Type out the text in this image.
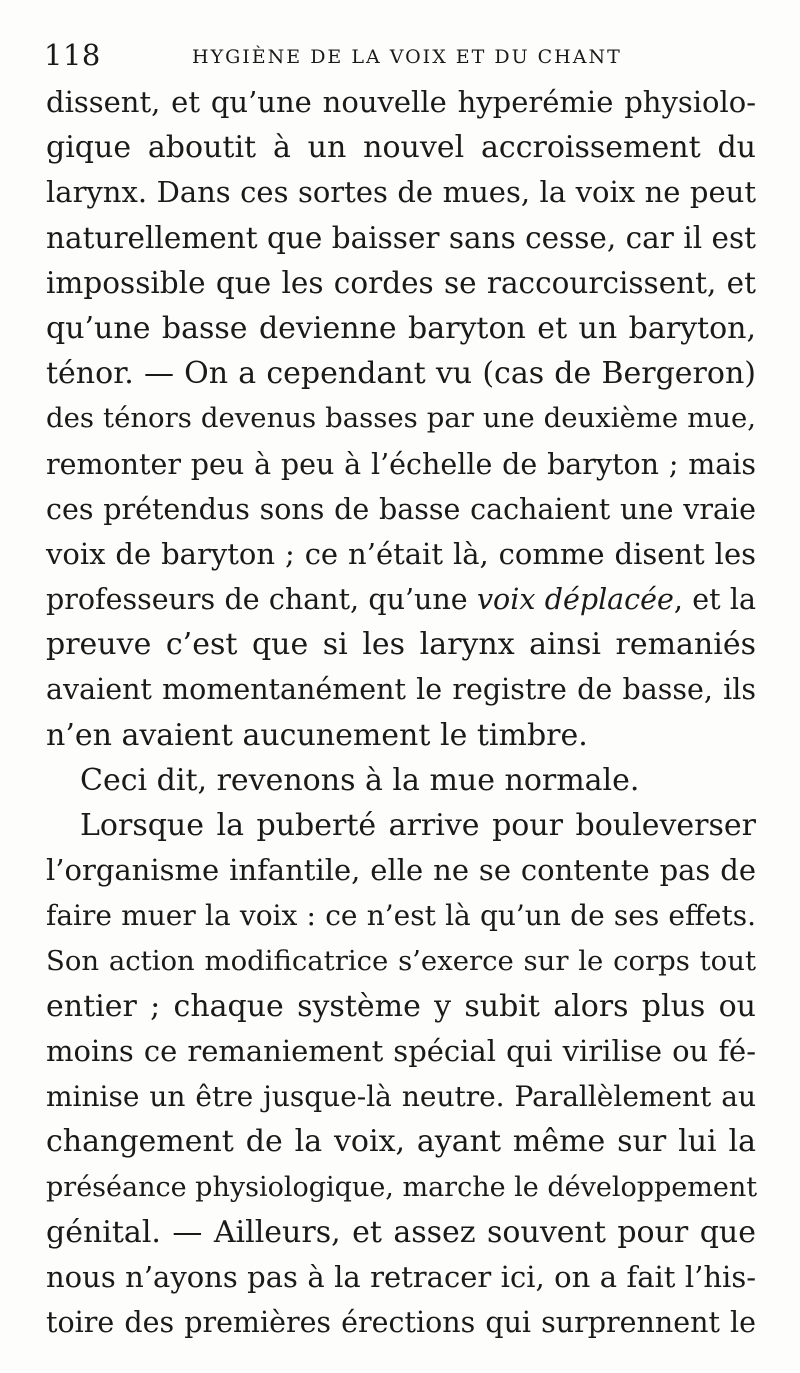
118	HYGIÈNE DE LA VOIX ET DU CHANT
dissent, et qu’une nouvelle hyperémie physiolo-
gique aboutit à un nouvel accroissement du
larynx. Dans ces sortes de mues, la voix ne peut
naturellement que baisser sans cesse, car il est
impossible que les cordes se raccourcissent, et
qu’une basse devienne baryton et un baryton,
ténor. — On a cependant vu (cas de Bergeron)
des ténors devenus basses par une deuxième mue,
remonter peu à peu à l’échelle de baryton ; mais
ces prétendus sons de basse cachaient une vraie
voix de baryton ; ce n’était là, comme disent les
professeurs de chant, qu’une voix déplacée, et la
preuve c’est que si les larynx ainsi remaniés
avaient momentanément le registre de basse, ils
n’en avaient aucunement le timbre.
Ceci dit, revenons à la mue normale.
Lorsque la puberté arrive pour bouleverser
l’organisme infantile, elle ne se contente pas de
faire muer la voix : ce n’est là qu’un de ses effets.
Son action modificatrice s’exerce sur le corps tout
entier ; chaque système y subit alors plus ou
moins ce remaniement spécial qui virilise ou fé-
minise un être jusque-là neutre. Parallèlement au
changement de la voix, ayant même sur lui la
préséance physiologique, marche le développement
génital. — Ailleurs, et assez souvent pour que
nous n’ayons pas à la retracer ici, on a fait l’his-
toire des premières érections qui surprennent le
